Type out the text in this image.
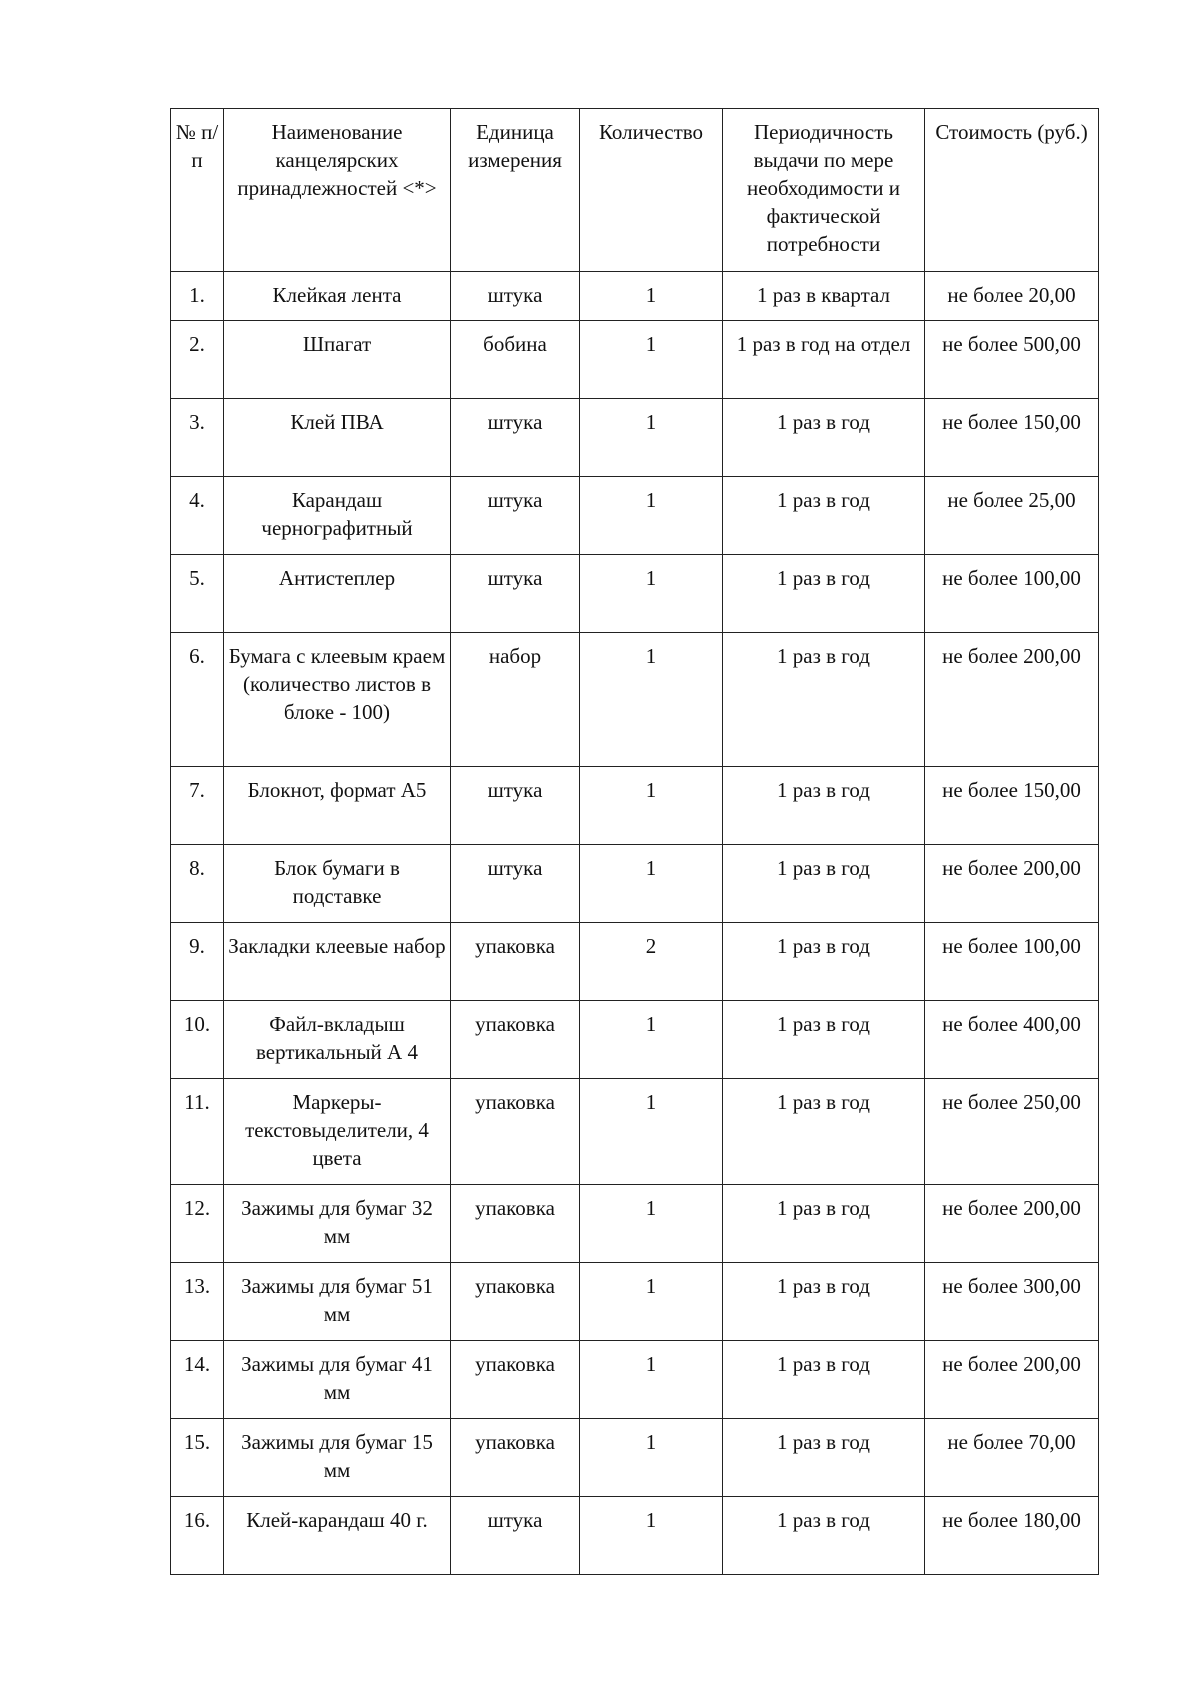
№ п/п	Наименование канцелярских принадлежностей <*>	Единица измерения	Количество	Периодичность выдачи по мере необходимости и фактической потребности	Стоимость (руб.)
1.	Клейкая лента	штука	1	1 раз в квартал	не более 20,00
2.	Шпагат	бобина	1	1 раз в год на отдел	не более 500,00
3.	Клей ПВА	штука	1	1 раз в год	не более 150,00
4.	Карандаш чернографитный	штука	1	1 раз в год	не более 25,00
5.	Антистеплер	штука	1	1 раз в год	не более 100,00
6.	Бумага с клеевым краем (количество листов в блоке - 100)	набор	1	1 раз в год	не более 200,00
7.	Блокнот, формат А5	штука	1	1 раз в год	не более 150,00
8.	Блок бумаги в подставке	штука	1	1 раз в год	не более 200,00
9.	Закладки клеевые набор	упаковка	2	1 раз в год	не более 100,00
10.	Файл-вкладыш вертикальный А 4	упаковка	1	1 раз в год	не более 400,00
11.	Маркеры-текстовыделители, 4 цвета	упаковка	1	1 раз в год	не более 250,00
12.	Зажимы для бумаг 32 мм	упаковка	1	1 раз в год	не более 200,00
13.	Зажимы для бумаг 51 мм	упаковка	1	1 раз в год	не более 300,00
14.	Зажимы для бумаг 41 мм	упаковка	1	1 раз в год	не более 200,00
15.	Зажимы для бумаг 15 мм	упаковка	1	1 раз в год	не более 70,00
16.	Клей-карандаш 40 г.	штука	1	1 раз в год	не более 180,00
